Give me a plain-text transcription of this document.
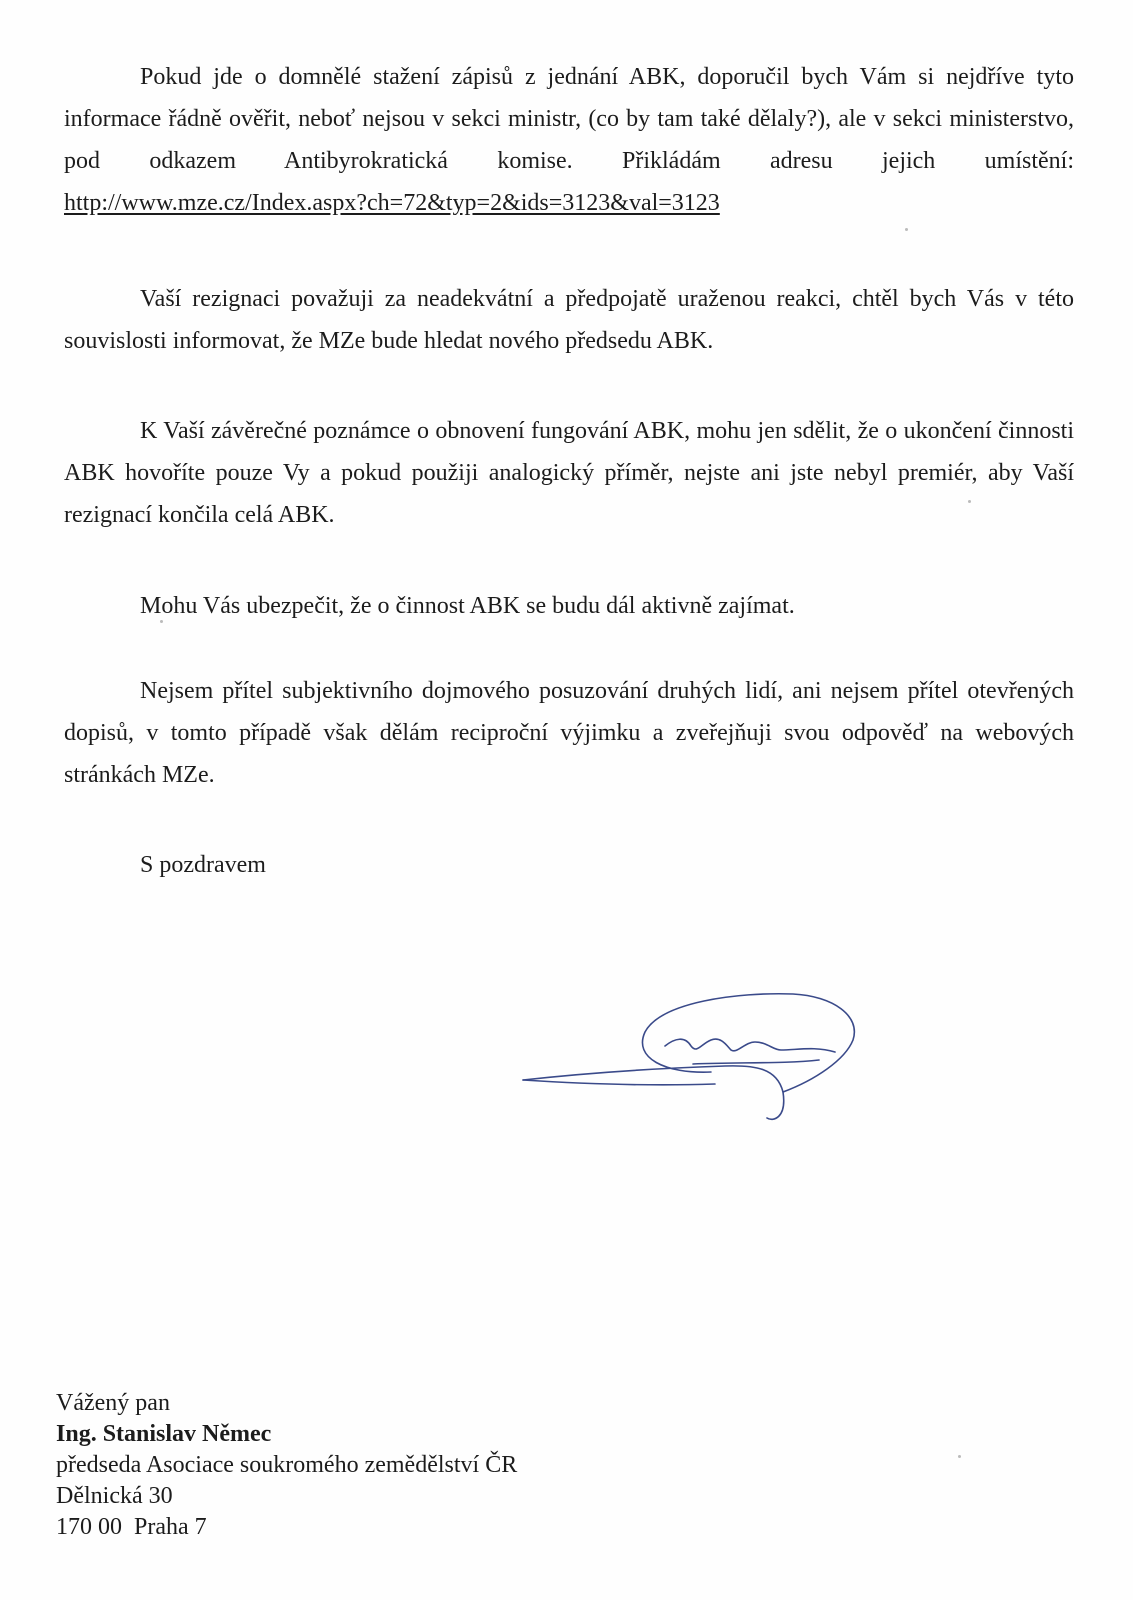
Pokud jde o domnělé stažení zápisů z jednání ABK, doporučil bych Vám si nejdříve tyto informace řádně ověřit, neboť nejsou v sekci ministr, (co by tam také dělaly?), ale v sekci ministerstvo, pod odkazem Antibyrokratická komise. Přikládám adresu jejich umístění: http://www.mze.cz/Index.aspx?ch=72&typ=2&ids=3123&val=3123

Vaší rezignaci považuji za neadekvátní a předpojatě uraženou reakci, chtěl bych Vás v této souvislosti informovat, že MZe bude hledat nového předsedu ABK.

K Vaší závěrečné poznámce o obnovení fungování ABK, mohu jen sdělit, že o ukončení činnosti ABK hovoříte pouze Vy a pokud použiji analogický příměr, nejste ani jste nebyl premiér, aby Vaší rezignací končila celá ABK.

Mohu Vás ubezpečit, že o činnost ABK se budu dál aktivně zajímat.

Nejsem přítel subjektivního dojmového posuzování druhých lidí, ani nejsem přítel otevřených dopisů, v tomto případě však dělám reciproční výjimku a zveřejňuji svou odpověď na webových stránkách MZe.

S pozdravem

Vážený pan
Ing. Stanislav Němec
předseda Asociace soukromého zemědělství ČR
Dělnická 30
170 00  Praha 7
